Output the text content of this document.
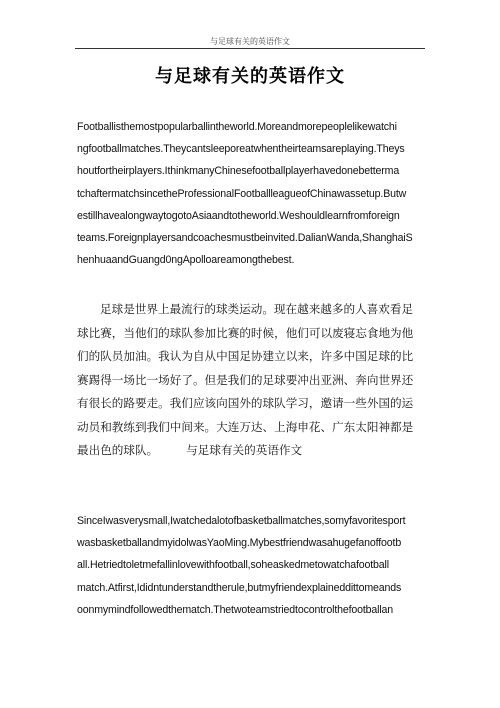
与足球有关的英语作文
与足球有关的英语作文
Footballisthemostpopularballintheworld.Moreandmorepeoplelikewatchi
ngfootballmatches.Theycantsleeporeatwhentheirteamsareplaying.Theys
houtfortheirplayers.IthinkmanyChinesefootballplayerhavedonebetterma
tchaftermatchsincetheProfessionalFootballleagueofChinawassetup.Butw
estillhavealongwaytogotoAsiaandtotheworld.Weshouldlearnfromforeign
teams.Foreignplayersandcoachesmustbeinvited.DalianWanda,ShanghaiS
henhuaandGuangd0ngApolloareamongthebest.
足球是世界上最流行的球类运动。现在越来越多的人喜欢看足
球比赛，当他们的球队参加比赛的时候，他们可以废寝忘食地为他
们的队员加油。我认为自从中国足协建立以来，许多中国足球的比
赛踢得一场比一场好了。但是我们的足球要冲出亚洲、奔向世界还
有很长的路要走。我们应该向国外的球队学习，邀请一些外国的运
动员和教练到我们中间来。大连万达、上海申花、广东太阳神都是
最出色的球队。 与足球有关的英语作文
SinceIwasverysmall,Iwatchedalotofbasketballmatches,somyfavoritesport
wasbasketballandmyidolwasYaoMing.Mybestfriendwasahugefanoffootb
all.Hetriedtoletmefallinlovewithfootball,soheaskedmetowatchafootball
match.Atfirst,Ididntunderstandtherule,butmyfriendexplaineddittomeands
oonmymindfollowedthematch.Thetwoteamstriedtocontrolthefootballan
